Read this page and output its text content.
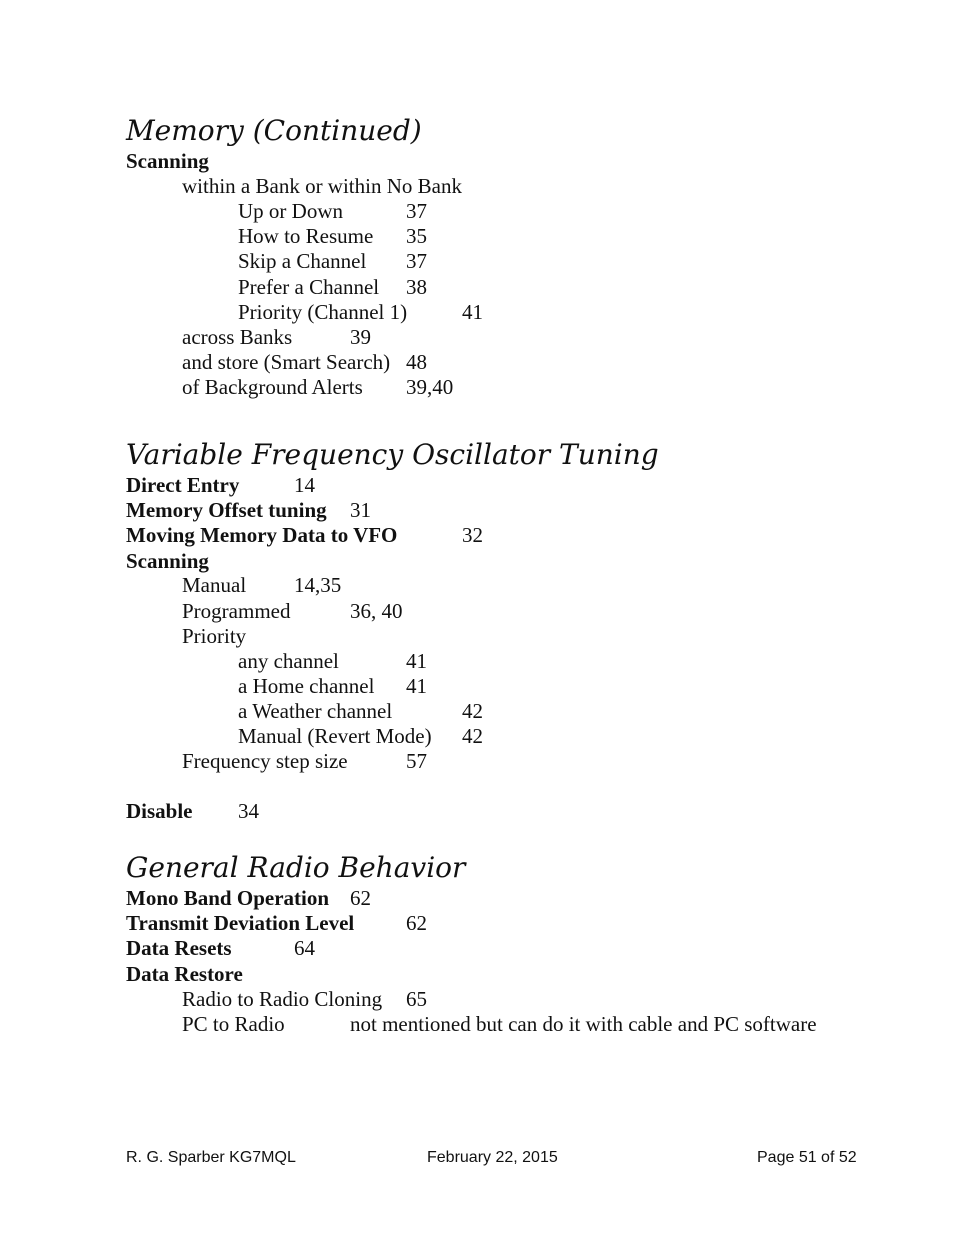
Memory (Continued)
Scanning
within a Bank or within No Bank
Up or Down	37
How to Resume 35
Skip a Channel 37
Prefer a Channel 38
Priority (Channel 1)	41
across Banks	39
and store (Smart Search) 48
of Background Alerts 39,40
Variable Frequency Oscillator Tuning
Direct Entry	14
Memory Offset tuning 31
Moving Memory Data to VFO	32
Scanning
Manual 14,35
Programmed	36, 40
Priority
any channel	41
a Home channel 41
a Weather channel	42
Manual (Revert Mode) 42
Frequency step size	57
Disable 34
General Radio Behavior
Mono Band Operation 62
Transmit Deviation Level 62
Data Resets	64
Data Restore
Radio to Radio Cloning 65
PC to Radio	not mentioned but can do it with cable and PC software
R. G. Sparber KG7MQL	February 22, 2015	Page 51 of 52
